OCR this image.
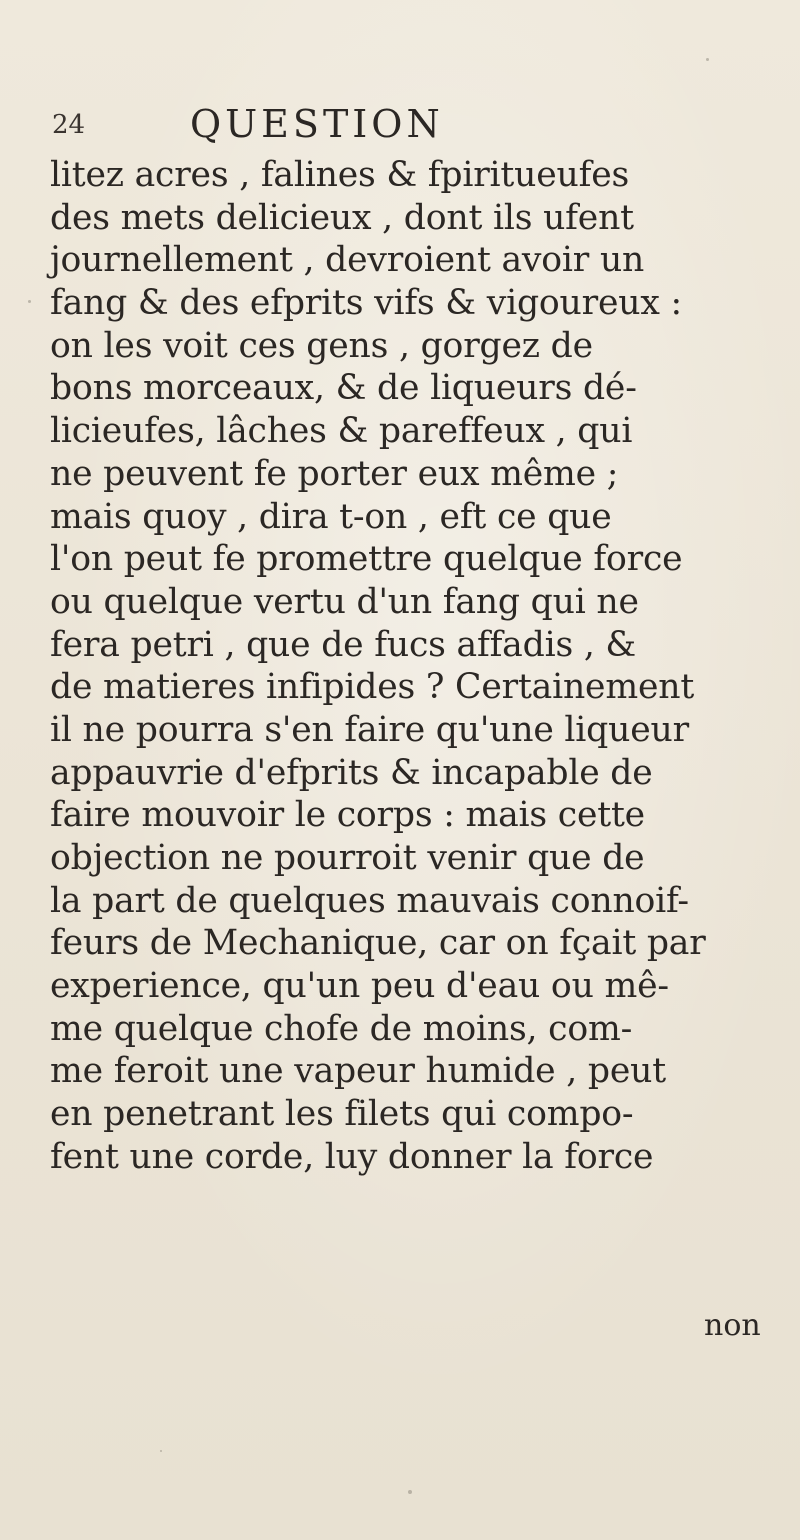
24	QUESTION
litez acres , falines & fpiritueufes
des mets delicieux , dont ils ufent
journellement , devroient avoir un
fang & des efprits vifs & vigoureux :
on les voit ces gens , gorgez de
bons morceaux, & de liqueurs dé-
licieufes, lâches & pareffeux , qui
ne peuvent fe porter eux même ;
mais quoy , dira t-on , eft ce que
l'on peut fe promettre quelque force
ou quelque vertu d'un fang qui ne
fera petri , que de fucs affadis , &
de matieres infipides ? Certainement
il ne pourra s'en faire qu'une liqueur
appauvrie d'efprits & incapable de
faire mouvoir le corps : mais cette
objection ne pourroit venir que de
la part de quelques mauvais connoif-
feurs de Mechanique, car on fçait par
experience, qu'un peu d'eau ou mê-
me quelque chofe de moins, com-
me feroit une vapeur humide , peut
en penetrant les filets qui compo-
fent une corde, luy donner la force
non
